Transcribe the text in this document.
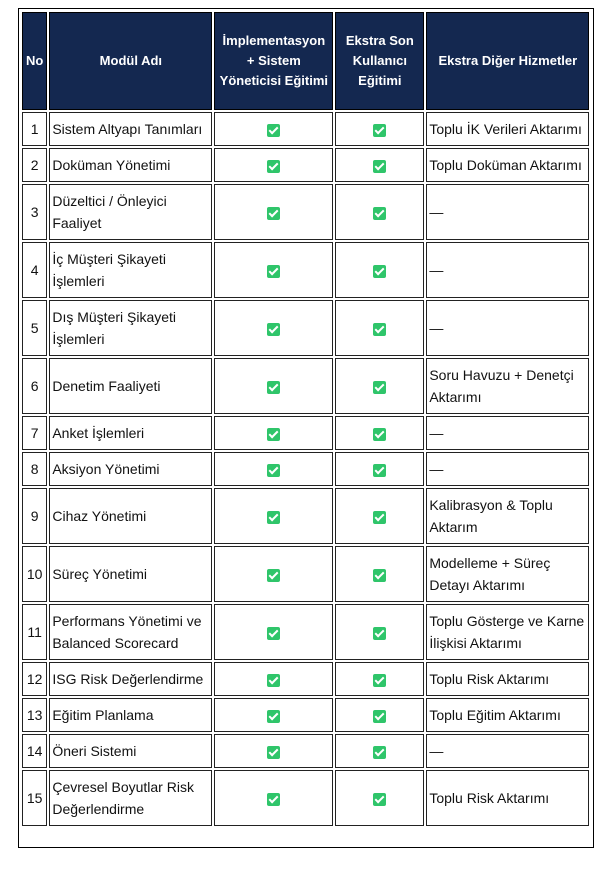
No	Modül Adı	İmplementasyon + Sistem Yöneticisi Eğitimi	Ekstra Son Kullanıcı Eğitimi	Ekstra Diğer Hizmetler
1	Sistem Altyapı Tanımları			Toplu İK Verileri Aktarımı
2	Doküman Yönetimi			Toplu Doküman Aktarımı
3	Düzeltici / Önleyici Faaliyet			—
4	İç Müşteri Şikayeti İşlemleri			—
5	Dış Müşteri Şikayeti İşlemleri			—
6	Denetim Faaliyeti			Soru Havuzu + Denetçi Aktarımı
7	Anket İşlemleri			—
8	Aksiyon Yönetimi			—
9	Cihaz Yönetimi			Kalibrasyon & Toplu Aktarım
10	Süreç Yönetimi			Modelleme + Süreç Detayı Aktarımı
11	Performans Yönetimi ve Balanced Scorecard			Toplu Gösterge ve Karne İlişkisi Aktarımı
12	ISG Risk Değerlendirme			Toplu Risk Aktarımı
13	Eğitim Planlama			Toplu Eğitim Aktarımı
14	Öneri Sistemi			—
15	Çevresel Boyutlar Risk Değerlendirme			Toplu Risk Aktarımı
